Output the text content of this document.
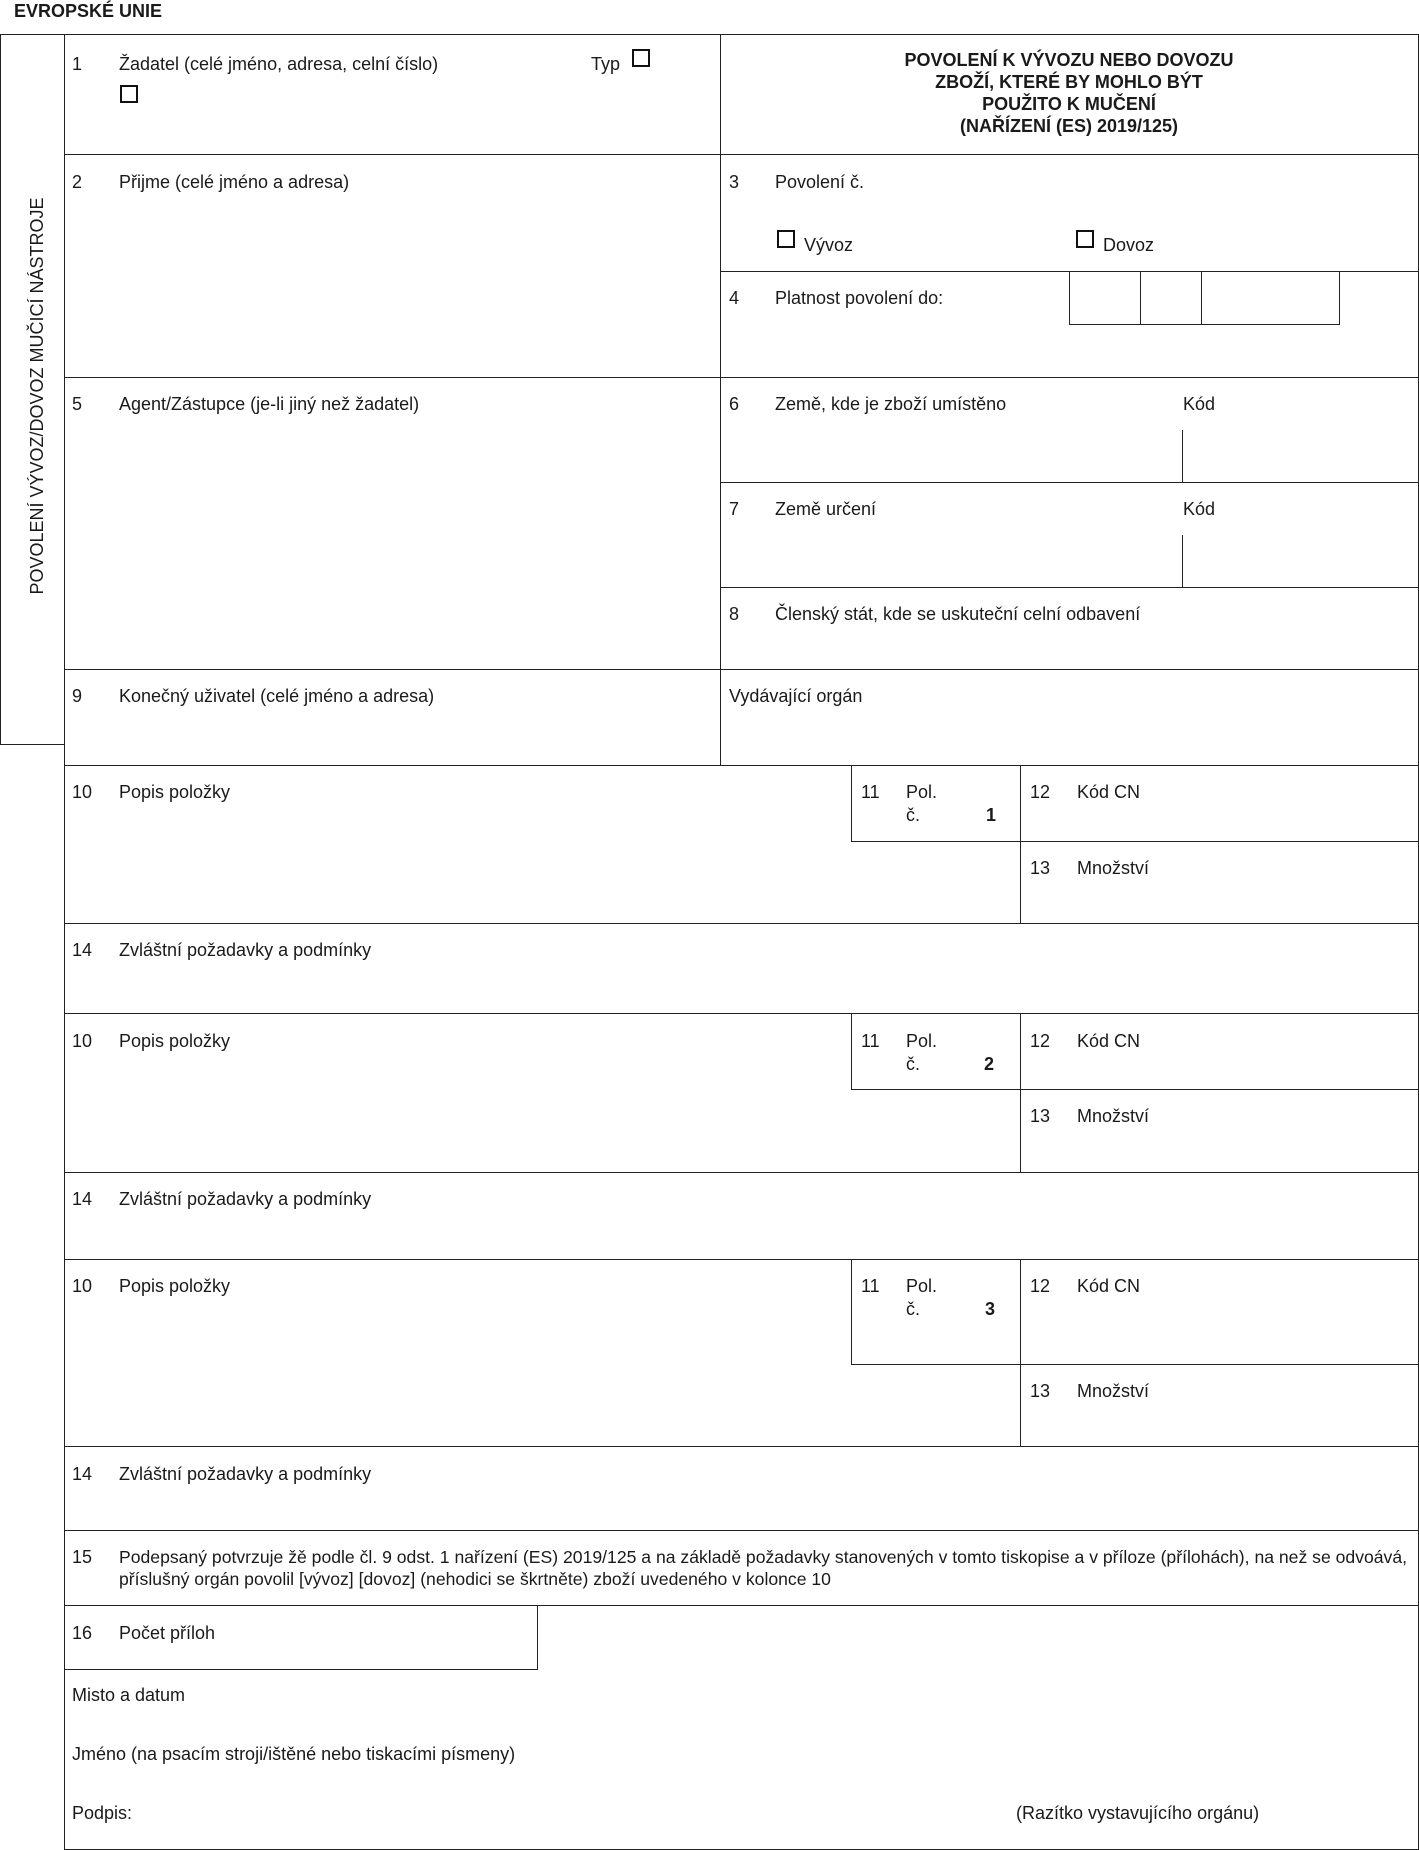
EVROPSKÉ UNIE
POVOLENÍ VÝVOZ/DOVOZ MUČICÍ NÁSTROJE
1 Žadatel (celé jméno, adresa, celní číslo)	Typ	POVOLENÍ K VÝVOZU NEBO DOVOZU
ZBOŽÍ, KTERÉ BY MOHLO BÝT
POUŽITO K MUČENÍ
(NAŘÍZENÍ (ES) 2019/125)
2 Přijme (celé jméno a adresa)	3 Povolení č.
Vývoz	Dovoz
4 Platnost povolení do:
5 Agent/Zástupce (je-li jiný než žadatel)	6 Země, kde je zboží umístěno	Kód
7 Země určení	Kód
8 Členský stát, kde se uskuteční celní odbavení
9 Konečný uživatel (celé jméno a adresa)	Vydávající orgán
10 Popis položky	11 Pol.
č.	1
12 Kód CN
13 Množství
14 Zvláštní požadavky a podmínky
10 Popis položky	11 Pol.
č.	2
12 Kód CN
13 Množství
14 Zvláštní požadavky a podmínky
10 Popis položky	11 Pol.
č.	3
12 Kód CN
13 Množství
14 Zvláštní požadavky a podmínky
15 Podepsaný potvrzuje žě podle čl. 9 odst. 1 nařízení (ES) 2019/125 a na základě požadavky stanovených v tomto tiskopise a v příloze (přílohách), na než se odvoává, příslušný orgán povolil [vývoz] [dovoz] (nehodici se škrtněte) zboží uvedeného v kolonce 10
16 Počet příloh
Misto a datum
Jméno (na psacím stroji/ištěné nebo tiskacími písmeny)
Podpis:	(Razítko vystavujícího orgánu)
